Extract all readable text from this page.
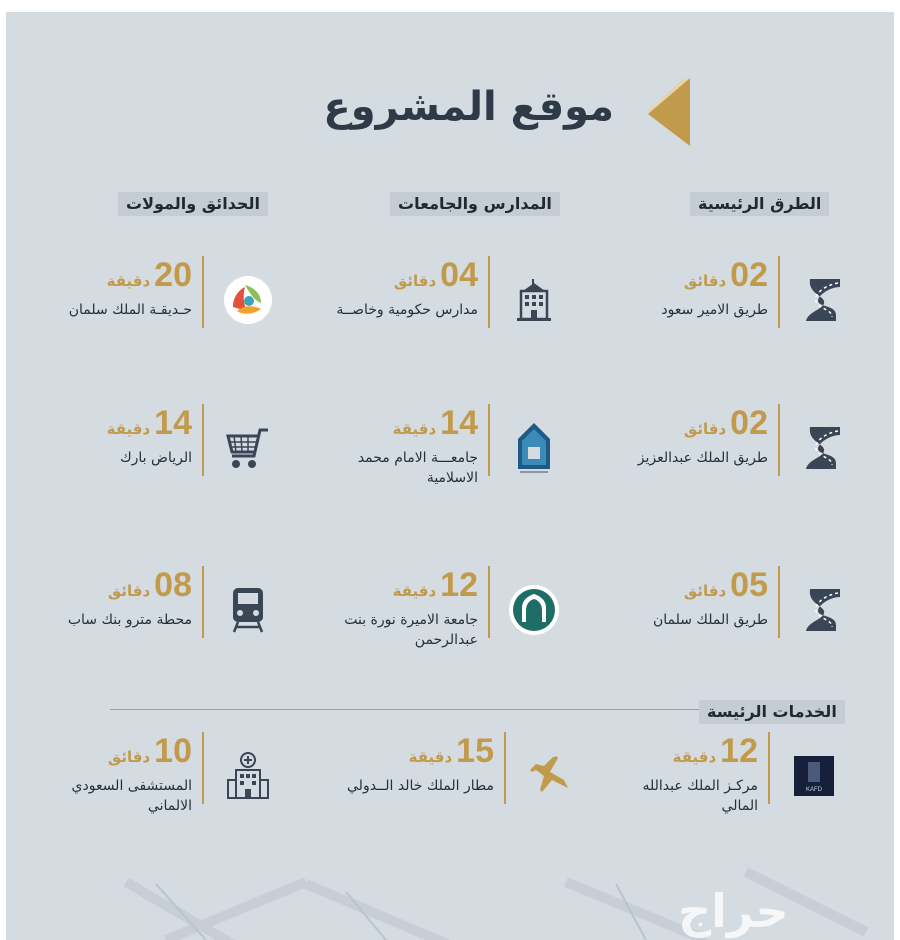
موقع المشروع
الطرق الرئيسية
المدارس والجامعات
الحدائق والمولات
02دقائق
طريق الامير سعود
02دقائق
طريق الملك عبدالعزيز
05دقائق
طريق الملك سلمان
04دقائق
مدارس حكومية وخاصــة
14دقيقة
جامعـــة الامام محمد الاسلامية
12دقيقة
جامعة الاميرة نورة بنت عبدالرحمن
20دقيقة
حـديقـة الملك سلمان
14دقيقة
الرياض بارك
08دقائق
محطة مترو بنك ساب
الخدمات الرئيسة
KAFD
12دقيقة
مركـز الملك عبدالله المالي
15دقيقة
مطار الملك خالد الــدولي
10دقائق
المستشفى السعودي الالماني
حراج
